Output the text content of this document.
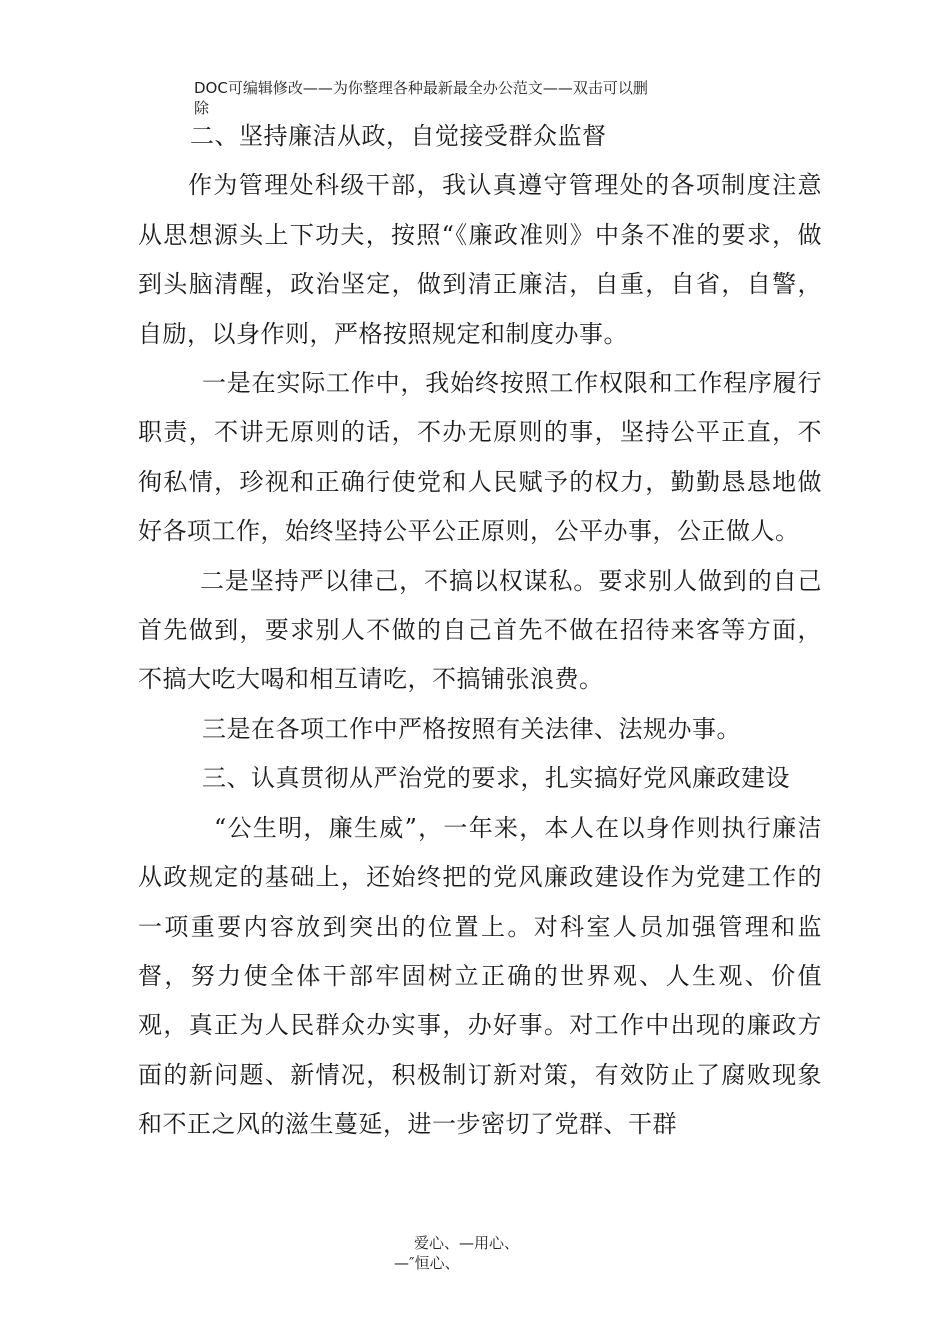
DOC可编辑修改——为你整理各种最新最全办公范文——双击可以删
除

二、坚持廉洁从政，自觉接受群众监督

作为管理处科级干部，我认真遵守管理处的各项制度注意从思想源头上下功夫，按照“《廉政准则》中条不准的要求，做到头脑清醒，政治坚定，做到清正廉洁，自重，自省，自警，自励，以身作则，严格按照规定和制度办事。

一是在实际工作中，我始终按照工作权限和工作程序履行职责，不讲无原则的话，不办无原则的事，坚持公平正直，不徇私情，珍视和正确行使党和人民赋予的权力，勤勤恳恳地做好各项工作，始终坚持公平公正原则，公平办事，公正做人。

二是坚持严以律己，不搞以权谋私。要求别人做到的自己首先做到，要求别人不做的自己首先不做在招待来客等方面，不搞大吃大喝和相互请吃，不搞铺张浪费。

三是在各项工作中严格按照有关法律、法规办事。

三、认真贯彻从严治党的要求，扎实搞好党风廉政建设

“公生明，廉生威”，一年来，本人在以身作则执行廉洁从政规定的基础上，还始终把的党风廉政建设作为党建工作的一项重要内容放到突出的位置上。对科室人员加强管理和监督，努力使全体干部牢固树立正确的世界观、人生观、价值观，真正为人民群众办实事，办好事。对工作中出现的廉政方面的新问题、新情况，积极制订新对策，有效防止了腐败现象和不正之风的滋生蔓延，进一步密切了党群、干群

爱心、—用心、
—″恒心、
